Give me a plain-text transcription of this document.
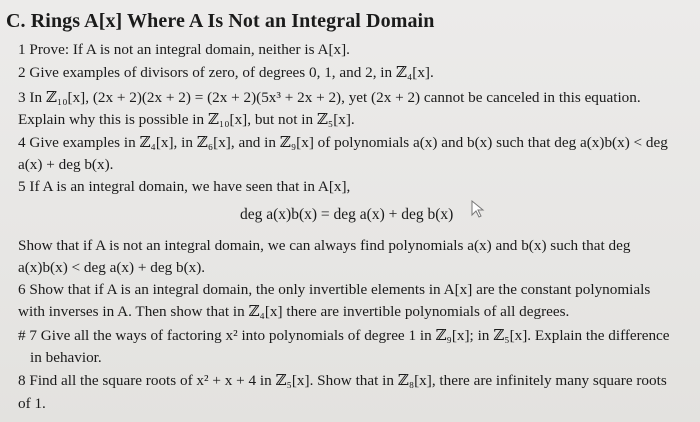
C. Rings A[x] Where A Is Not an Integral Domain
1 Prove: If A is not an integral domain, neither is A[x].
2 Give examples of divisors of zero, of degrees 0, 1, and 2, in ℤ₄[x].
3 In ℤ₁₀[x], (2x + 2)(2x + 2) = (2x + 2)(5x³ + 2x + 2), yet (2x + 2) cannot be canceled in this equation.
Explain why this is possible in ℤ₁₀[x], but not in ℤ₅[x].
4 Give examples in ℤ₄[x], in ℤ₆[x], and in ℤ₉[x] of polynomials a(x) and b(x) such that deg a(x)b(x) < deg
a(x) + deg b(x).
5 If A is an integral domain, we have seen that in A[x],
deg a(x)b(x) = deg a(x) + deg b(x)
Show that if A is not an integral domain, we can always find polynomials a(x) and b(x) such that deg
a(x)b(x) < deg a(x) + deg b(x).
6 Show that if A is an integral domain, the only invertible elements in A[x] are the constant polynomials
with inverses in A. Then show that in ℤ₄[x] there are invertible polynomials of all degrees.
# 7 Give all the ways of factoring x² into polynomials of degree 1 in ℤ₉[x]; in ℤ₅[x]. Explain the difference
in behavior.
8 Find all the square roots of x² + x + 4 in ℤ₅[x]. Show that in ℤ₈[x], there are infinitely many square roots
of 1.
